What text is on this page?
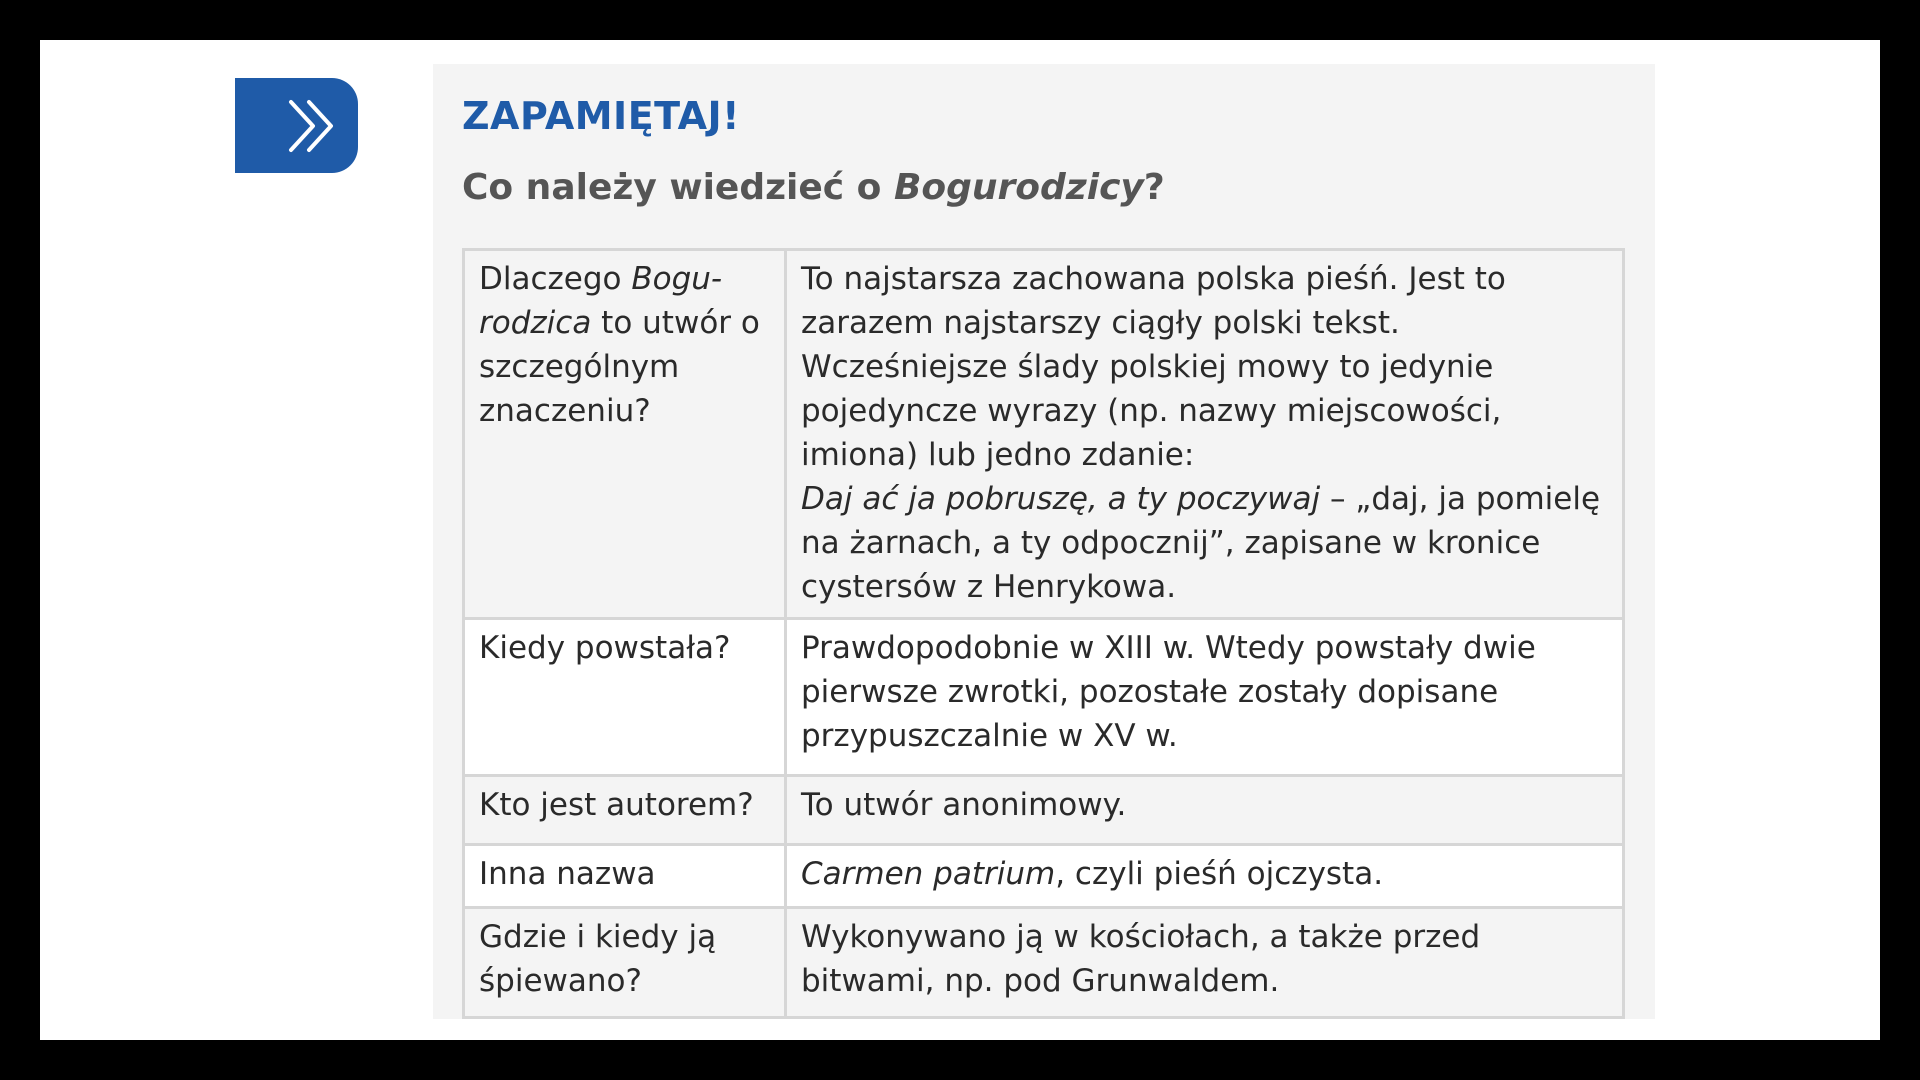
ZAPAMIĘTAJ!
Co należy wiedzieć o Bogurodzicy?
Dlaczego Bogu-rodzica to utwór o szczególnym znaczeniu?	To najstarsza zachowana polska pieśń. Jest to zarazem najstarszy ciągły polski tekst. Wcześniejsze ślady polskiej mowy to jedynie pojedyncze wyrazy (np. nazwy miejscowości, imiona) lub jedno zdanie:
Daj ać ja pobruszę, a ty poczywaj – „daj, ja pomielę na żarnach, a ty odpocznij”, zapisane w kronice cystersów z Henrykowa.
Kiedy powstała?	Prawdopodobnie w XIII w. Wtedy powstały dwie pierwsze zwrotki, pozostałe zostały dopisane przypuszczalnie w XV w.
Kto jest autorem?	To utwór anonimowy.
Inna nazwa	Carmen patrium, czyli pieśń ojczysta.
Gdzie i kiedy ją śpiewano?	Wykonywano ją w kościołach, a także przed bitwami, np. pod Grunwaldem.
